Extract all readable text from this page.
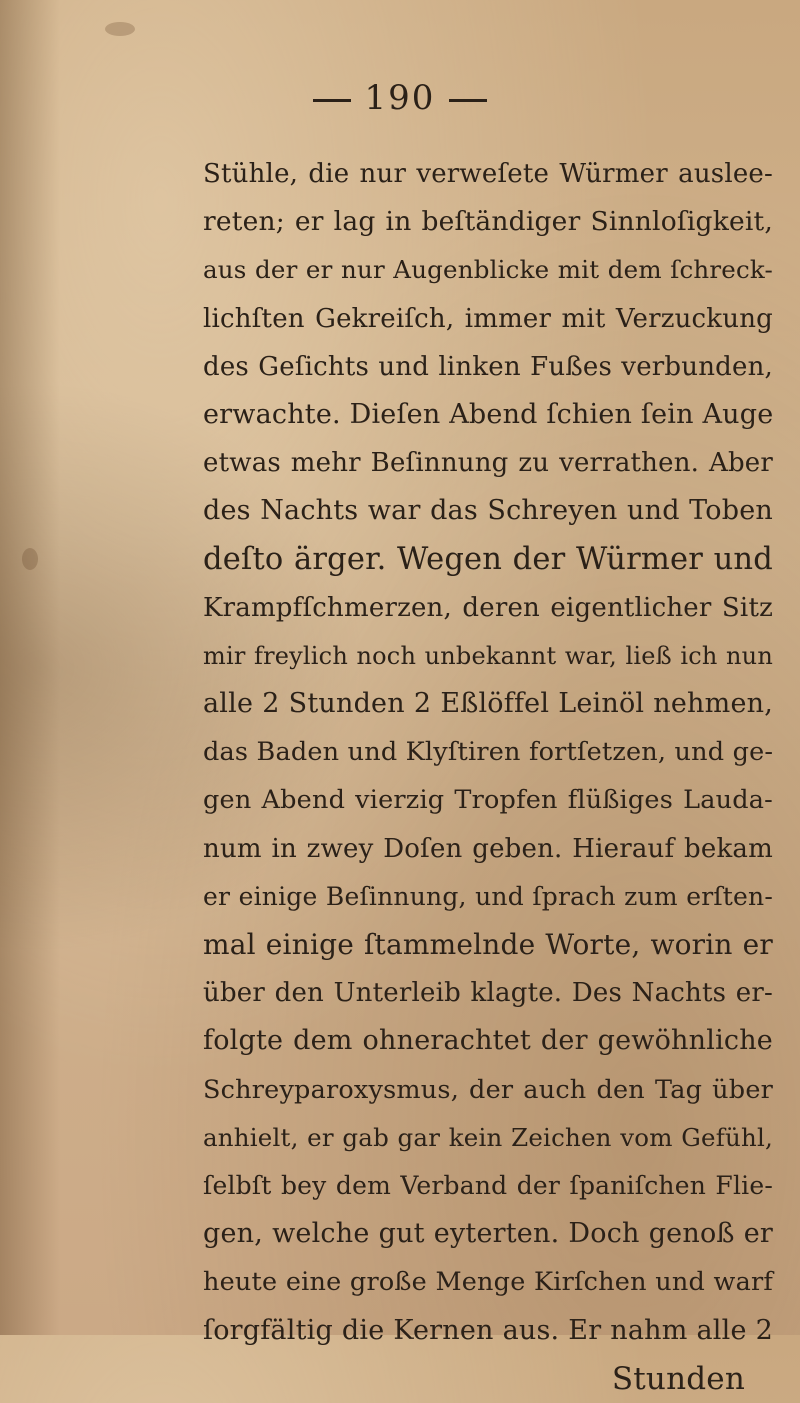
190
Stühle, die nur verweſete Würmer auslee-
reten; er lag in beſtändiger Sinnloſigkeit,
aus der er nur Augenblicke mit dem ſchreck-
lichſten Gekreiſch, immer mit Verzuckung
des Geſichts und linken Fußes verbunden,
erwachte. Dieſen Abend ſchien ſein Auge
etwas mehr Beſinnung zu verrathen. Aber
des Nachts war das Schreyen und Toben
deſto ärger. Wegen der Würmer und
Krampfſchmerzen, deren eigentlicher Sitz
mir freylich noch unbekannt war, ließ ich nun
alle 2 Stunden 2 Eßlöffel Leinöl nehmen,
das Baden und Klyſtiren fortſetzen, und ge-
gen Abend vierzig Tropfen flüßiges Lauda-
num in zwey Doſen geben. Hierauf bekam
er einige Beſinnung, und ſprach zum erſten-
mal einige ſtammelnde Worte, worin er
über den Unterleib klagte. Des Nachts er-
folgte dem ohnerachtet der gewöhnliche
Schreyparoxysmus, der auch den Tag über
anhielt, er gab gar kein Zeichen vom Gefühl,
ſelbſt bey dem Verband der ſpaniſchen Flie-
gen, welche gut eyterten. Doch genoß er
heute eine große Menge Kirſchen und warf
ſorgfältig die Kernen aus. Er nahm alle 2
Stunden
